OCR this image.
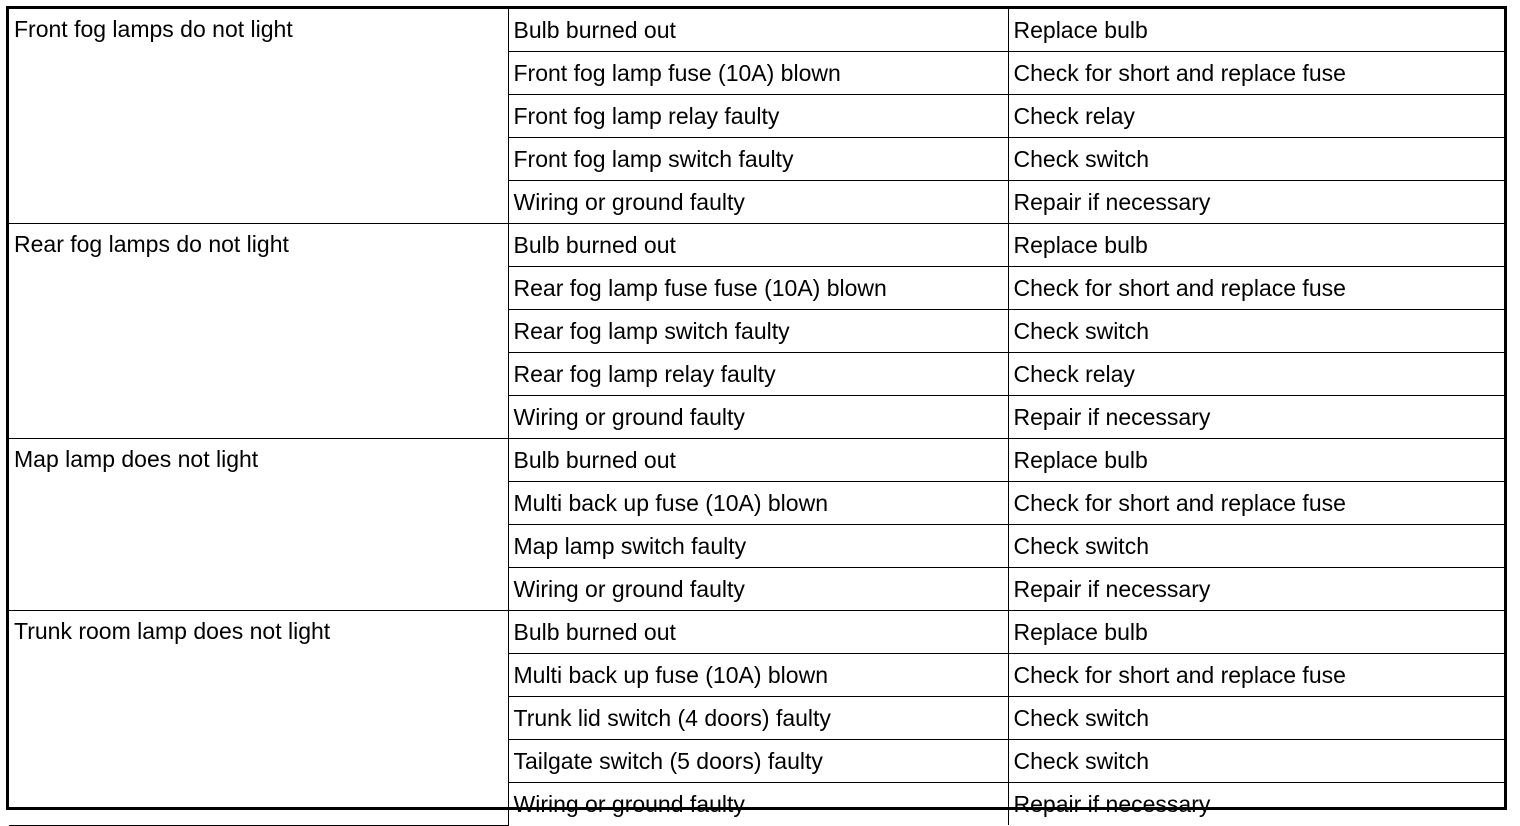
Front fog lamps do not light	Bulb burned out	Replace bulb
	Front fog lamp fuse (10A) blown	Check for short and replace fuse
	Front fog lamp relay faulty	Check relay
	Front fog lamp switch faulty	Check switch
	Wiring or ground faulty	Repair if necessary
Rear fog lamps do not light	Bulb burned out	Replace bulb
	Rear fog lamp fuse fuse (10A) blown	Check for short and replace fuse
	Rear fog lamp switch faulty	Check switch
	Rear fog lamp relay faulty	Check relay
	Wiring or ground faulty	Repair if necessary
Map lamp does not light	Bulb burned out	Replace bulb
	Multi back up fuse (10A) blown	Check for short and replace fuse
	Map lamp switch faulty	Check switch
	Wiring or ground faulty	Repair if necessary
Trunk room lamp does not light	Bulb burned out	Replace bulb
	Multi back up fuse (10A) blown	Check for short and replace fuse
	Trunk lid switch (4 doors) faulty	Check switch
	Tailgate switch (5 doors) faulty	Check switch
	Wiring or ground faulty	Repair if necessary
